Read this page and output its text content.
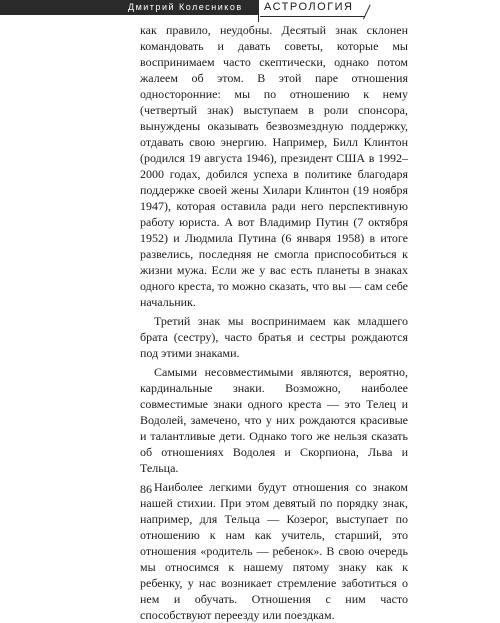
Дмитрий Колесников АСТРОЛОГИЯ

как правило, неудобны. Десятый знак склонен командовать и давать советы, которые мы воспринимаем часто скептически, однако потом жалеем об этом. В этой паре отношения односторонние: мы по отношению к нему (четвертый знак) выступаем в роли спонсора, вынуждены оказывать безвозмездную поддержку, отдавать свою энергию. Например, Билл Клинтон (родился 19 августа 1946), президент США в 1992–2000 годах, добился успеха в политике благодаря поддержке своей жены Хилари Клинтон (19 ноября 1947), которая оставила ради него перспективную работу юриста. А вот Владимир Путин (7 октября 1952) и Людмила Путина (6 января 1958) в итоге развелись, последняя не смогла приспособиться к жизни мужа. Если же у вас есть планеты в знаках одного креста, то можно сказать, что вы — сам себе начальник.

Третий знак мы воспринимаем как младшего брата (сестру), часто братья и сестры рождаются под этими знаками.

Самыми несовместимыми являются, вероятно, кардинальные знаки. Возможно, наиболее совместимые знаки одного креста — это Телец и Водолей, замечено, что у них рождаются красивые и талантливые дети. Однако того же нельзя сказать об отношениях Водолея и Скорпиона, Льва и Тельца.

Наиболее легкими будут отношения со знаком нашей стихии. При этом девятый по порядку знак, например, для Тельца — Козерог, выступает по отношению к нам как учитель, старший, это отношения «родитель — ребенок». В свою очередь мы относимся к нашему пятому знаку как к ребенку, у нас возникает стремление заботиться о нем и обучать. Отношения с ним часто способствуют переезду или поездкам.

86
